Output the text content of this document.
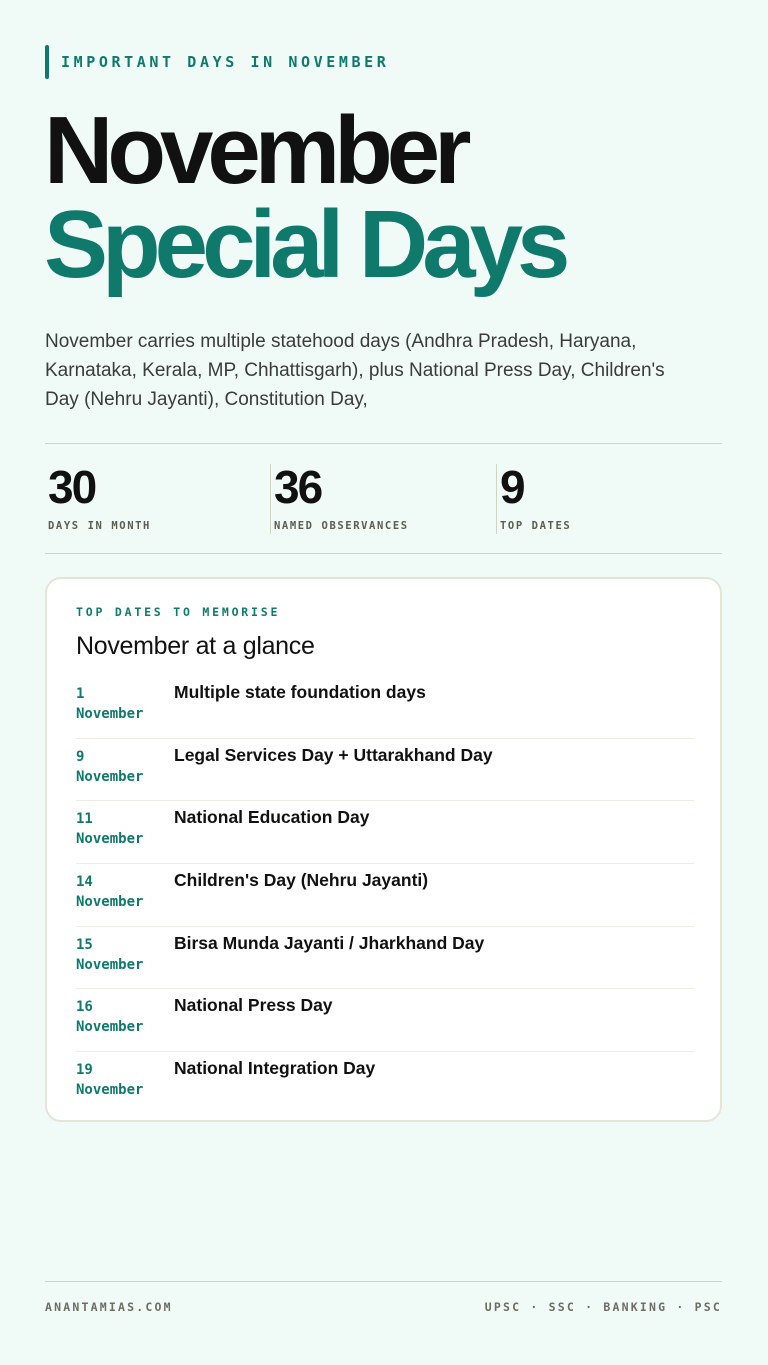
IMPORTANT DAYS IN NOVEMBER
November
Special Days
November carries multiple statehood days (Andhra Pradesh, Haryana, Karnataka, Kerala, MP, Chhattisgarh), plus National Press Day, Children's Day (Nehru Jayanti), Constitution Day,
30
DAYS IN MONTH
36
NAMED OBSERVANCES
9
TOP DATES
TOP DATES TO MEMORISE
November at a glance
1
November
Multiple state foundation days
9
November
Legal Services Day + Uttarakhand Day
11
November
National Education Day
14
November
Children's Day (Nehru Jayanti)
15
November
Birsa Munda Jayanti / Jharkhand Day
16
November
National Press Day
19
November
National Integration Day
ANANTAMIAS.COM	UPSC · SSC · BANKING · PSC
